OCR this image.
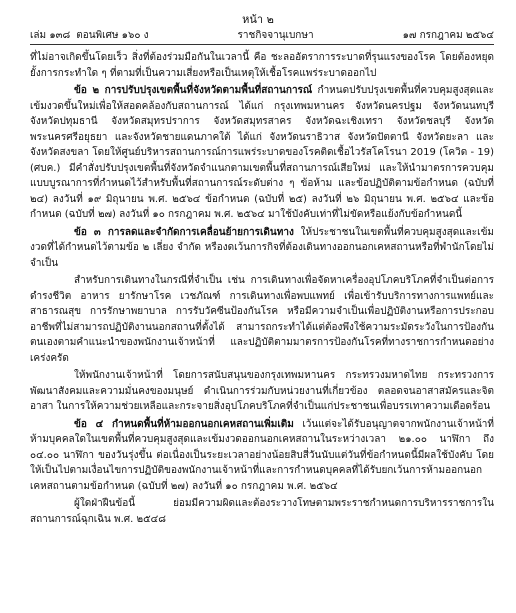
หน้า ๒
เล่ม ๑๓๘ ตอนพิเศษ ๑๖๐ ง	ราชกิจจานุเบกษา	๑๗ กรกฎาคม ๒๕๖๔

ที่ไม่อาจเกิดขึ้นโดยเร็ว สิ่งที่ต้องร่วมมือกันในเวลานี้ คือ ชะลออัตราการระบาดที่รุนแรงของโรค โดยต้องหยุดยั้งการกระทำใด ๆ ที่ตามที่เป็นความเสี่ยงหรือเป็นเหตุให้เชื้อโรคแพร่ระบาดออกไป

ข้อ ๒ การปรับปรุงเขตพื้นที่จังหวัดตามพื้นที่สถานการณ์ กำหนดปรับปรุงเขตพื้นที่ควบคุมสูงสุดและเข้มงวดขึ้นใหม่เพื่อให้สอดคล้องกับสถานการณ์ ได้แก่ กรุงเทพมหานคร จังหวัดนครปฐม จังหวัดนนทบุรี จังหวัดปทุมธานี จังหวัดสมุทรปราการ จังหวัดสมุทรสาคร จังหวัดฉะเชิงเทรา จังหวัดชลบุรี จังหวัดพระนครศรีอยุธยา และจังหวัดชายแดนภาคใต้ ได้แก่ จังหวัดนราธิวาส จังหวัดปัตตานี จังหวัดยะลา และจังหวัดสงขลา โดยให้ศูนย์บริหารสถานการณ์การแพร่ระบาดของโรคติดเชื้อไวรัสโคโรนา 2019 (โควิด - 19) (ศบค.) มีคำสั่งปรับปรุงเขตพื้นที่จังหวัดจำแนกตามเขตพื้นที่สถานการณ์เสียใหม่ และให้นำมาตรการควบคุมแบบบูรณาการที่กำหนดไว้สำหรับพื้นที่สถานการณ์ระดับต่าง ๆ ข้อห้าม และข้อปฏิบัติตามข้อกำหนด (ฉบับที่ ๒๔) ลงวันที่ ๑๙ มิถุนายน พ.ศ. ๒๕๖๔ ข้อกำหนด (ฉบับที่ ๒๕) ลงวันที่ ๒๖ มิถุนายน พ.ศ. ๒๕๖๔ และข้อกำหนด (ฉบับที่ ๒๗) ลงวันที่ ๑๐ กรกฎาคม พ.ศ. ๒๕๖๔ มาใช้บังคับเท่าที่ไม่ขัดหรือแย้งกับข้อกำหนดนี้

ข้อ ๓ การลดและจำกัดการเคลื่อนย้ายการเดินทาง ให้ประชาชนในเขตพื้นที่ควบคุมสูงสุดและเข้มงวดที่ได้กำหนดไว้ตามข้อ ๒ เลี่ยง จำกัด หรืองดเว้นการกิจที่ต้องเดินทางออกนอกเคหสถานหรือที่พำนักโดยไม่จำเป็น

สำหรับการเดินทางในกรณีที่จำเป็น เช่น การเดินทางเพื่อจัดหาเครื่องอุปโภคบริโภคที่จำเป็นต่อการดำรงชีวิต อาหาร ยารักษาโรค เวชภัณฑ์ การเดินทางเพื่อพบแพทย์ เพื่อเข้ารับบริการทางการแพทย์และสาธารณสุข การรักษาพยาบาล การรับวัคซีนป้องกันโรค หรือมีความจำเป็นเพื่อปฏิบัติงานหรือการประกอบอาชีพที่ไม่สามารถปฏิบัติงานนอกสถานที่ตั้งได้ สามารถกระทำได้แต่ต้องพึงใช้ความระมัดระวังในการป้องกันตนเองตามคำแนะนำของพนักงานเจ้าหน้าที่ และปฏิบัติตามมาตรการป้องกันโรคที่ทางราชการกำหนดอย่างเคร่งครัด

ให้พนักงานเจ้าหน้าที่ โดยการสนับสนุนของกรุงเทพมหานคร กระทรวงมหาดไทย กระทรวงการพัฒนาสังคมและความมั่นคงของมนุษย์ ดำเนินการร่วมกับหน่วยงานที่เกี่ยวข้อง ตลอดจนอาสาสมัครและจิตอาสา ในการให้ความช่วยเหลือและกระจายสิ่งอุปโภคบริโภคที่จำเป็นแก่ประชาชนเพื่อบรรเทาความเดือดร้อน

ข้อ ๔ กำหนดพื้นที่ห้ามออกนอกเคหสถานเพิ่มเติม เว้นแต่จะได้รับอนุญาตจากพนักงานเจ้าหน้าที่ ห้ามบุคคลใดในเขตพื้นที่ควบคุมสูงสุดและเข้มงวดออกนอกเคหสถานในระหว่างเวลา ๒๑.๐๐ นาฬิกา ถึง ๐๔.๐๐ นาฬิกา ของวันรุ่งขึ้น ต่อเนื่องเป็นระยะเวลาอย่างน้อยสิบสี่วันนับแต่วันที่ข้อกำหนดนี้มีผลใช้บังคับ โดยให้เป็นไปตามเงื่อนไขการปฏิบัติของพนักงานเจ้าหน้าที่และการกำหนดบุคคลที่ได้รับยกเว้นการห้ามออกนอกเคหสถานตามข้อกำหนด (ฉบับที่ ๒๗) ลงวันที่ ๑๐ กรกฎาคม พ.ศ. ๒๕๖๔

ผู้ใดฝ่าฝืนข้อนี้ ย่อมมีความผิดและต้องระวางโทษตามพระราชกำหนดการบริหารราชการในสถานการณ์ฉุกเฉิน พ.ศ. ๒๕๔๘
